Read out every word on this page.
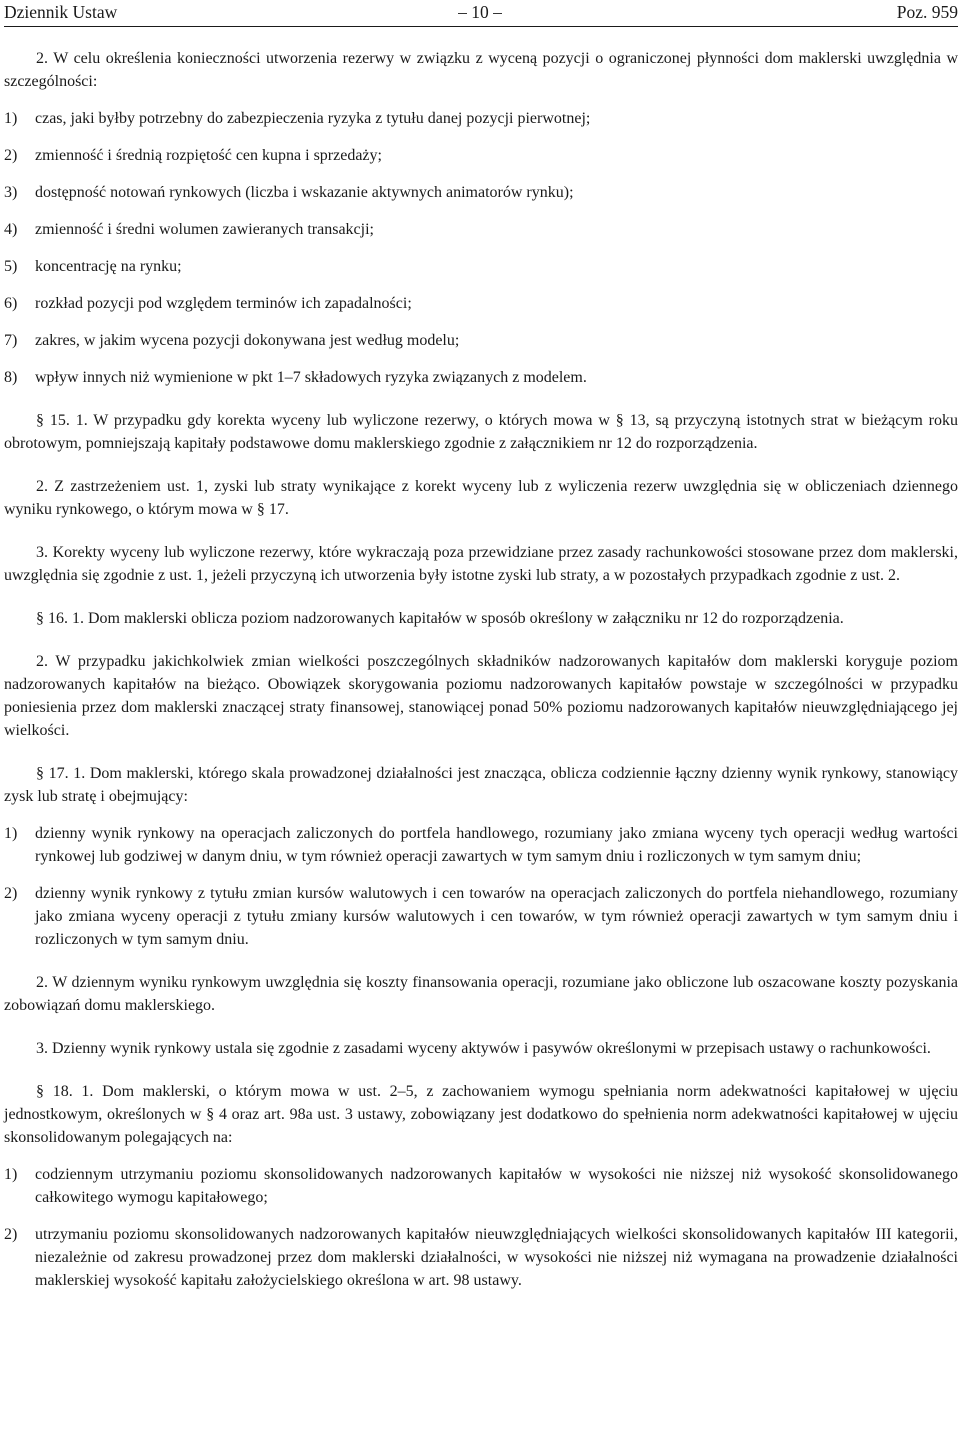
Dziennik Ustaw	– 10 –	Poz. 959

2. W celu określenia konieczności utworzenia rezerwy w związku z wyceną pozycji o ograniczonej płynności dom maklerski uwzględnia w szczególności:

1)	czas, jaki byłby potrzebny do zabezpieczenia ryzyka z tytułu danej pozycji pierwotnej;
2)	zmienność i średnią rozpiętość cen kupna i sprzedaży;
3)	dostępność notowań rynkowych (liczba i wskazanie aktywnych animatorów rynku);
4)	zmienność i średni wolumen zawieranych transakcji;
5)	koncentrację na rynku;
6)	rozkład pozycji pod względem terminów ich zapadalności;
7)	zakres, w jakim wycena pozycji dokonywana jest według modelu;
8)	wpływ innych niż wymienione w pkt 1–7 składowych ryzyka związanych z modelem.

§ 15. 1. W przypadku gdy korekta wyceny lub wyliczone rezerwy, o których mowa w § 13, są przyczyną istotnych strat w bieżącym roku obrotowym, pomniejszają kapitały podstawowe domu maklerskiego zgodnie z załącznikiem nr 12 do rozporządzenia.

2. Z zastrzeżeniem ust. 1, zyski lub straty wynikające z korekt wyceny lub z wyliczenia rezerw uwzględnia się w obliczeniach dziennego wyniku rynkowego, o którym mowa w § 17.

3. Korekty wyceny lub wyliczone rezerwy, które wykraczają poza przewidziane przez zasady rachunkowości stosowane przez dom maklerski, uwzględnia się zgodnie z ust. 1, jeżeli przyczyną ich utworzenia były istotne zyski lub straty, a w pozostałych przypadkach zgodnie z ust. 2.

§ 16. 1. Dom maklerski oblicza poziom nadzorowanych kapitałów w sposób określony w załączniku nr 12 do rozporządzenia.

2. W przypadku jakichkolwiek zmian wielkości poszczególnych składników nadzorowanych kapitałów dom maklerski koryguje poziom nadzorowanych kapitałów na bieżąco. Obowiązek skorygowania poziomu nadzorowanych kapitałów powstaje w szczególności w przypadku poniesienia przez dom maklerski znaczącej straty finansowej, stanowiącej ponad 50% poziomu nadzorowanych kapitałów nieuwzględniającego jej wielkości.

§ 17. 1. Dom maklerski, którego skala prowadzonej działalności jest znacząca, oblicza codziennie łączny dzienny wynik rynkowy, stanowiący zysk lub stratę i obejmujący:

1)	dzienny wynik rynkowy na operacjach zaliczonych do portfela handlowego, rozumiany jako zmiana wyceny tych operacji według wartości rynkowej lub godziwej w danym dniu, w tym również operacji zawartych w tym samym dniu i rozliczonych w tym samym dniu;
2)	dzienny wynik rynkowy z tytułu zmian kursów walutowych i cen towarów na operacjach zaliczonych do portfela niehandlowego, rozumiany jako zmiana wyceny operacji z tytułu zmiany kursów walutowych i cen towarów, w tym również operacji zawartych w tym samym dniu i rozliczonych w tym samym dniu.

2. W dziennym wyniku rynkowym uwzględnia się koszty finansowania operacji, rozumiane jako obliczone lub oszacowane koszty pozyskania zobowiązań domu maklerskiego.

3. Dzienny wynik rynkowy ustala się zgodnie z zasadami wyceny aktywów i pasywów określonymi w przepisach ustawy o rachunkowości.

§ 18. 1. Dom maklerski, o którym mowa w ust. 2–5, z zachowaniem wymogu spełniania norm adekwatności kapitałowej w ujęciu jednostkowym, określonych w § 4 oraz art. 98a ust. 3 ustawy, zobowiązany jest dodatkowo do spełnienia norm adekwatności kapitałowej w ujęciu skonsolidowanym polegających na:

1)	codziennym utrzymaniu poziomu skonsolidowanych nadzorowanych kapitałów w wysokości nie niższej niż wysokość skonsolidowanego całkowitego wymogu kapitałowego;
2)	utrzymaniu poziomu skonsolidowanych nadzorowanych kapitałów nieuwzględniających wielkości skonsolidowanych kapitałów III kategorii, niezależnie od zakresu prowadzonej przez dom maklerski działalności, w wysokości nie niższej niż wymagana na prowadzenie działalności maklerskiej wysokość kapitału założycielskiego określona w art. 98 ustawy.
